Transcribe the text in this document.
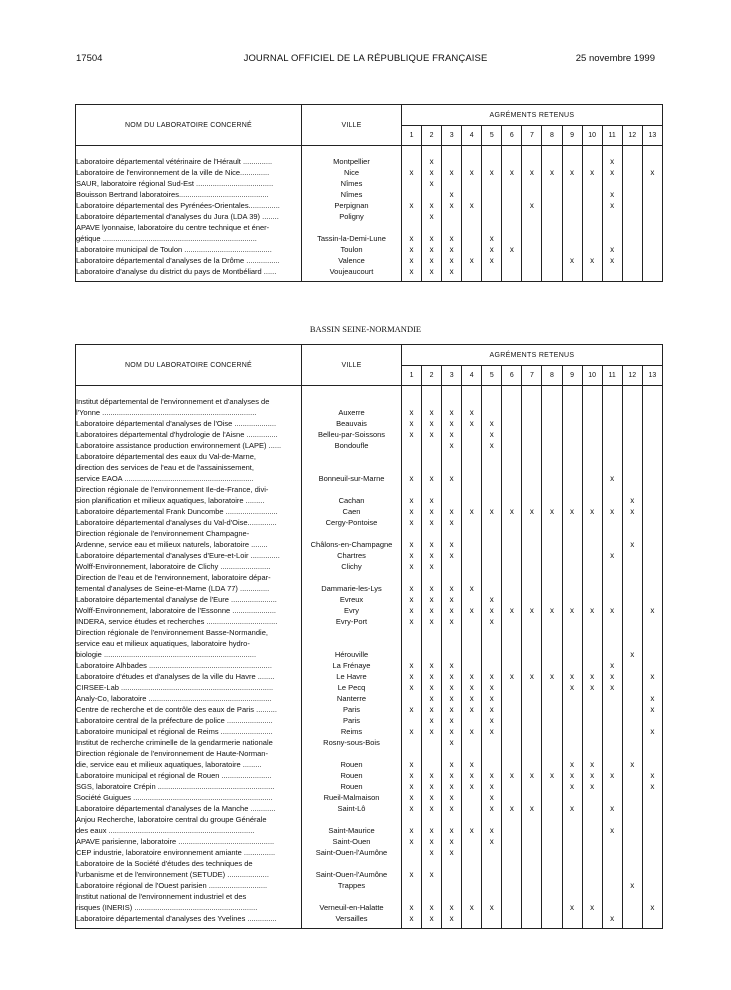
17504	JOURNAL OFFICIEL DE LA RÉPUBLIQUE FRANÇAISE	25 novembre 1999
NOM DU LABORATOIRE CONCERNÉ	VILLE	AGRÉMENTS RETENUS												
		1	2	3	4	5	6	7	8	9	10	11	12	13

Laboratoire départemental vétérinaire de l'Hérault ..............	Montpellier		x									x		
Laboratoire de l'environnement de la ville de Nice..............	Nice	x	x	x	x	x	x	x	x	x	x	x		x
SAUR, laboratoire régional Sud-Est .....................................	Nîmes		x											
Bouisson Bertrand laboratoires...........................................	Nîmes			x								x		
Laboratoire départemental des Pyrénées-Orientales...............	Perpignan	x	x	x	x			x				x		
Laboratoire départemental d'analyses du Jura (LDA 39) ........	Poligny		x											
APAVE lyonnaise, laboratoire du centre technique et éner-
gétique ..........................................................................	Tassin-la-Demi-Lune	x	x	x		x								
Laboratoire municipal de Toulon ..........................................	Toulon	x	x	x		x	x					x		
Laboratoire départemental d'analyses de la Drôme ................	Valence	x	x	x	x	x				x	x	x		
Laboratoire d'analyse du district du pays de Montbéliard ......	Voujeaucourt	x	x	x										

BASSIN SEINE-NORMANDIE
NOM DU LABORATOIRE CONCERNÉ	VILLE	AGRÉMENTS RETENUS												
		1	2	3	4	5	6	7	8	9	10	11	12	13

Institut départemental de l'environnement et d'analyses de
l'Yonne ..........................................................................	Auxerre	x	x	x	x									
Laboratoire départemental d'analyses de l'Oise ....................	Beauvais	x	x	x	x	x								
Laboratoires départemental d'hydrologie de l'Aisne ...............	Belleu-par-Soissons	x	x	x		x								
Laboratoire assistance production environnement (LAPE) ......	Bondoufle			x		x								
Laboratoire départemental des eaux du Val-de-Marne,
direction des services de l'eau et de l'assainissement,
service EAOA ..............................................................	Bonneuil-sur-Marne	x	x	x								x		
Direction régionale de l'environnement Ile-de-France, divi-
sion planification et milieux aquatiques, laboratoire .........	Cachan	x	x										x	
Laboratoire départemental Frank Duncombe .........................	Caen	x	x	x	x	x	x	x	x	x	x	x	x	
Laboratoire départemental d'analyses du Val-d'Oise..............	Cergy-Pontoise	x	x	x										
Direction régionale de l'environnement Champagne-
Ardenne, service eau et milieux naturels, laboratoire ........	Châlons-en-Champagne	x	x	x									x	
Laboratoire départemental d'analyses d'Eure-et-Loir ..............	Chartres	x	x	x								x		
Wolff-Environnement, laboratoire de Clichy ........................	Clichy	x	x											
Direction de l'eau et de l'environnement, laboratoire dépar-
temental d'analyses de Seine-et-Marne (LDA 77) ..............	Dammarie-les-Lys	x	x	x	x									
Laboratoire départemental d'analyse de l'Eure ......................	Evreux	x	x	x		x								
Wolff-Environnement, laboratoire de l'Essonne .....................	Evry	x	x	x	x	x	x	x	x	x	x	x		x
INDERA, service études et recherches ..................................	Evry-Port	x	x	x		x								
Direction régionale de l'environnement Basse-Normandie,
service eau et milieux aquatiques, laboratoire hydro-
biologie .........................................................................	Hérouville												x	
Laboratoire Alhbades ...........................................................	La Frénaye	x	x	x								x		
Laboratoire d'études et d'analyses de la ville du Havre ........	Le Havre	x	x	x	x	x	x	x	x	x	x	x		x
CIRSEE-Lab .........................................................................	Le Pecq	x	x	x	x	x				x	x	x		
Analy-Co, laboratoire ...........................................................	Nanterre		x	x	x	x								x
Centre de recherche et de contrôle des eaux de Paris ..........	Paris	x	x	x	x	x								x
Laboratoire central de la préfecture de police ......................	Paris		x	x		x								
Laboratoire municipal et régional de Reims .........................	Reims	x	x	x	x	x								x
Institut de recherche criminelle de la gendarmerie nationale	Rosny-sous-Bois			x										
Direction régionale de l'environnement de Haute-Norman-
die, service eau et milieux aquatiques, laboratoire .........	Rouen	x		x	x					x	x		x	
Laboratoire municipal et régional de Rouen ........................	Rouen	x	x	x	x	x	x	x	x	x	x	x		x
SGS, laboratoire Crépin ........................................................	Rouen	x	x	x	x	x				x	x			x
Société Guigues ...................................................................	Rueil-Malmaison	x	x	x		x								
Laboratoire départemental d'analyses de la Manche ............	Saint-Lô	x	x	x		x	x	x		x		x		
Anjou Recherche, laboratoire central du groupe Générale
des eaux ......................................................................	Saint-Maurice	x	x	x	x	x						x		
APAVE parisienne, laboratoire ..............................................	Saint-Ouen	x	x	x		x								
CEP industrie, laboratoire environnement amiante ...............	Saint-Ouen-l'Aumône		x	x										
Laboratoire de la Société d'études des techniques de
l'urbanisme et de l'environnement (SETUDE) ....................	Saint-Ouen-l'Aumône	x	x											
Laboratoire régional de l'Ouest parisien ............................	Trappes												x	
Institut national de l'environnement industriel et des
risques (INERIS) ...........................................................	Verneuil-en-Halatte	x	x	x	x	x				x	x			x
Laboratoire départemental d'analyses des Yvelines ..............	Versailles	x	x	x								x		
